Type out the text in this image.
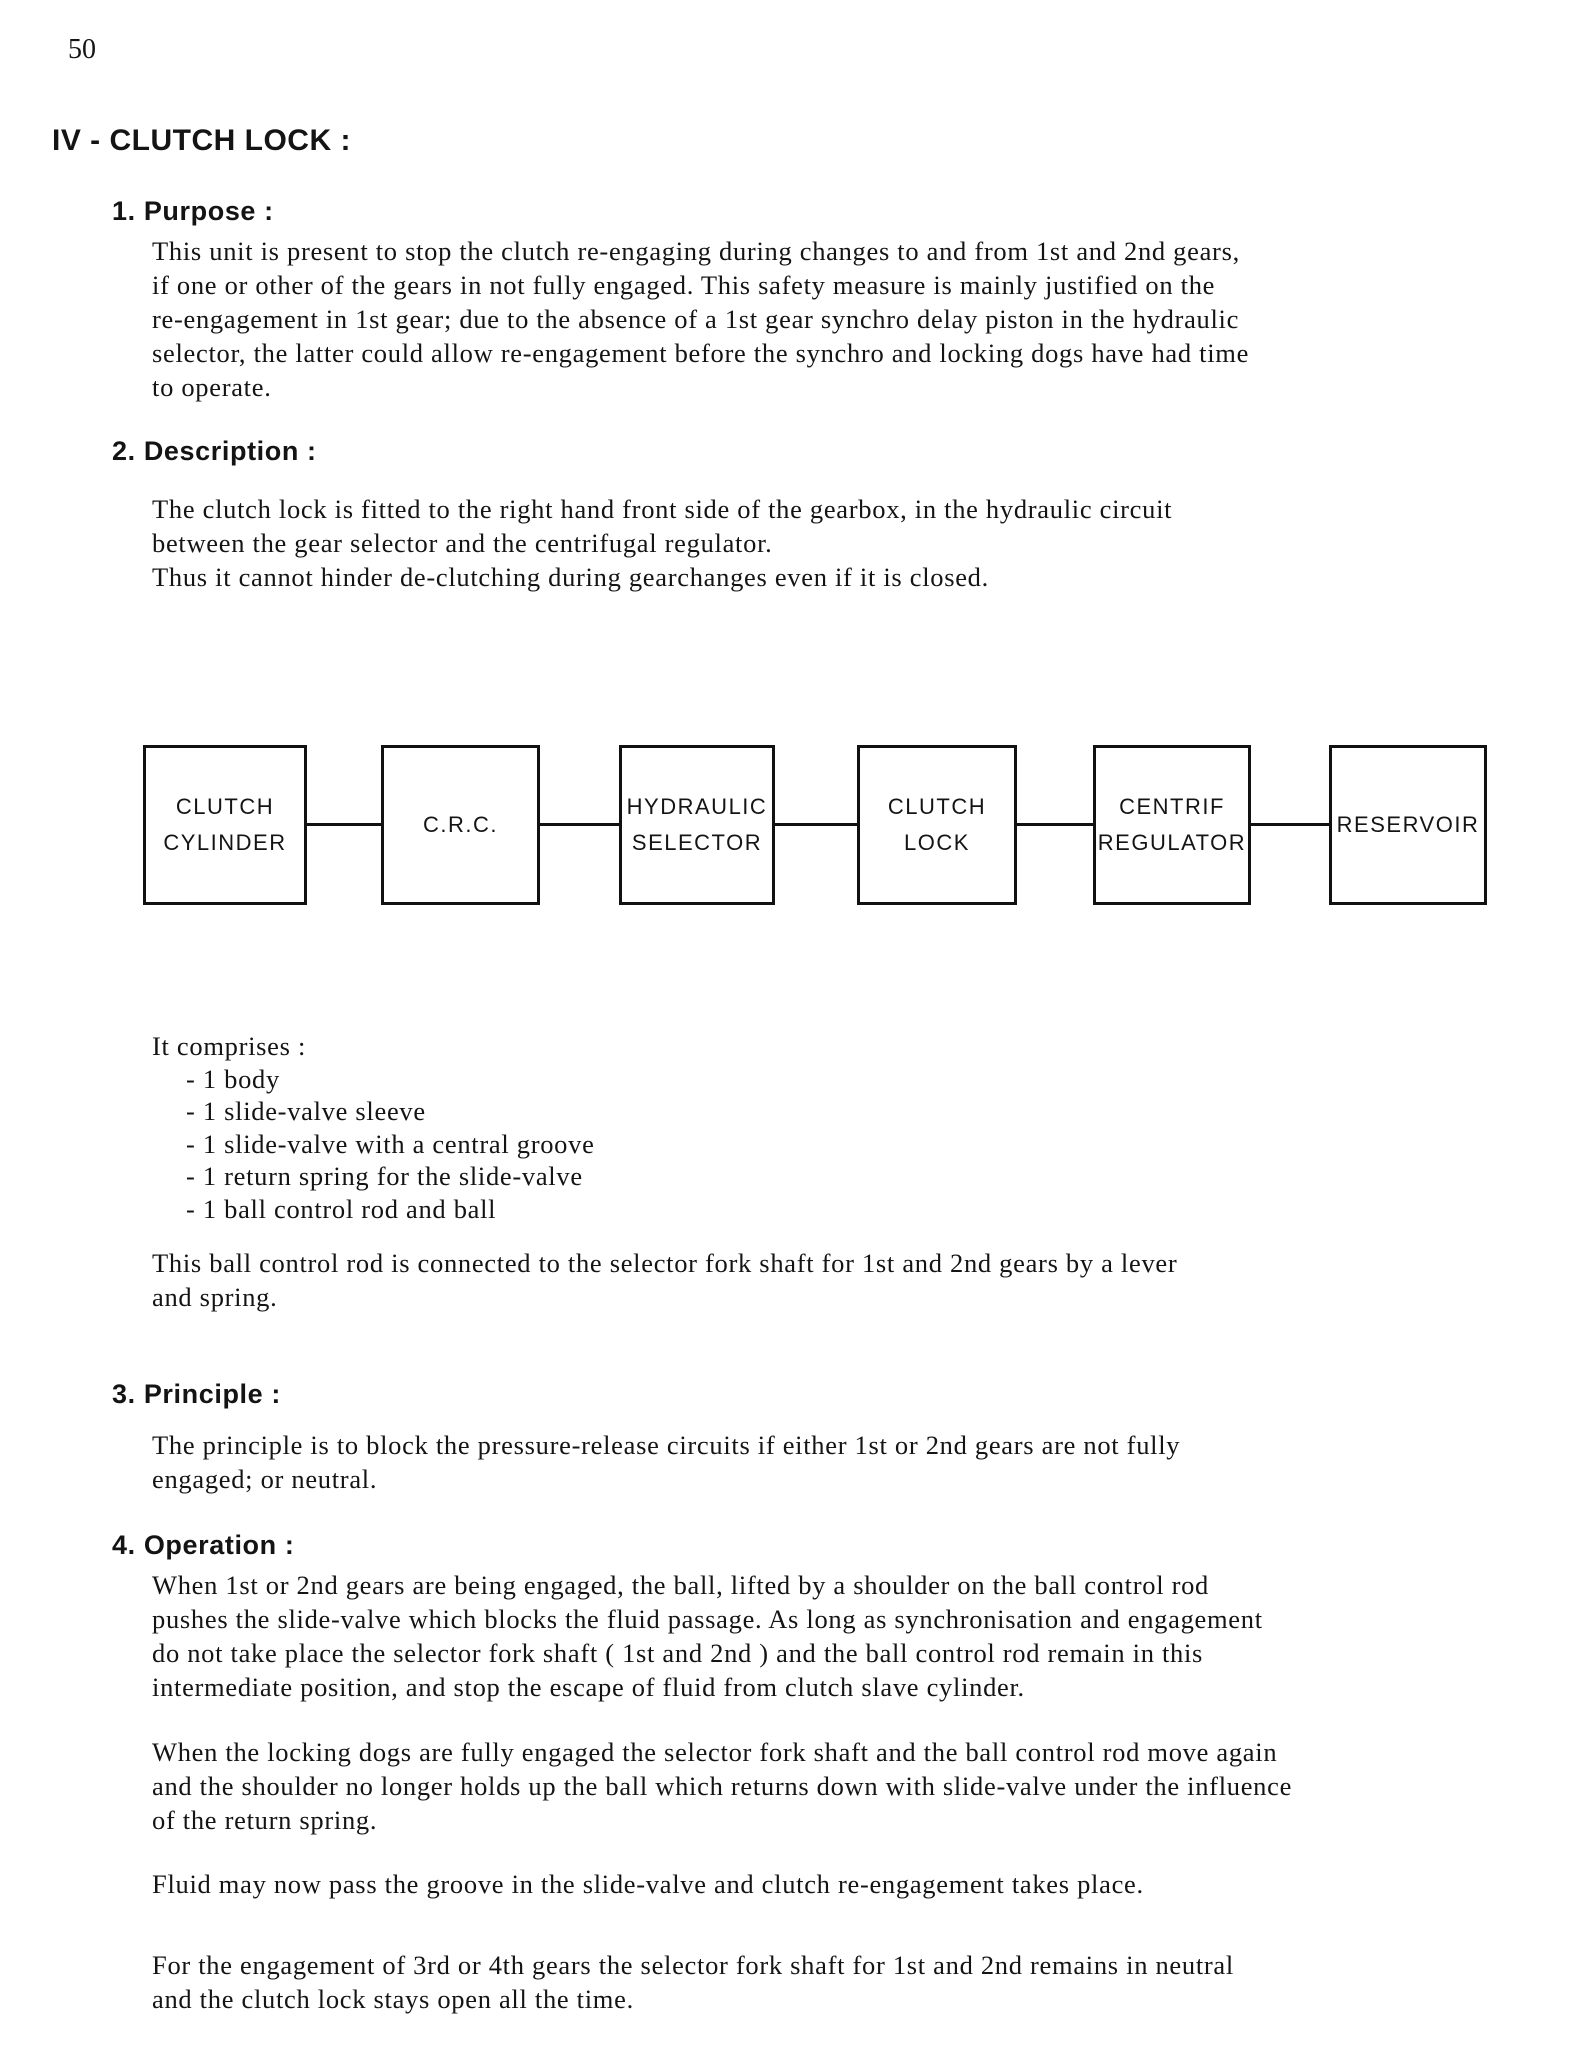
50
IV - CLUTCH LOCK :
1. Purpose :
This unit is present to stop the clutch re-engaging during changes to and from 1st and 2nd gears,
if one or other of the gears in not fully engaged. This safety measure is mainly justified on the
re-engagement in 1st gear; due to the absence of a 1st gear synchro delay piston in the hydraulic
selector, the latter could allow re-engagement before the synchro and locking dogs have had time
to operate.
2. Description :
The clutch lock is fitted to the right hand front side of the gearbox, in the hydraulic circuit
between the gear selector and the centrifugal regulator.
Thus it cannot hinder de-clutching during gearchanges even if it is closed.
CLUTCH
CYLINDER
C.R.C.
HYDRAULIC
SELECTOR
CLUTCH
LOCK
CENTRIF
REGULATOR
RESERVOIR
It comprises :
- 1 body
- 1 slide-valve sleeve
- 1 slide-valve with a central groove
- 1 return spring for the slide-valve
- 1 ball control rod and ball
This ball control rod is connected to the selector fork shaft for 1st and 2nd gears by a lever
and spring.
3. Principle :
The principle is to block the pressure-release circuits if either 1st or 2nd gears are not fully
engaged; or neutral.
4. Operation :
When 1st or 2nd gears are being engaged, the ball, lifted by a shoulder on the ball control rod
pushes the slide-valve which blocks the fluid passage. As long as synchronisation and engagement
do not take place the selector fork shaft ( 1st and 2nd ) and the ball control rod remain in this
intermediate position, and stop the escape of fluid from clutch slave cylinder.
When the locking dogs are fully engaged the selector fork shaft and the ball control rod move again
and the shoulder no longer holds up the ball which returns down with slide-valve under the influence
of the return spring.
Fluid may now pass the groove in the slide-valve and clutch re-engagement takes place.
For the engagement of 3rd or 4th gears the selector fork shaft for 1st and 2nd remains in neutral
and the clutch lock stays open all the time.
